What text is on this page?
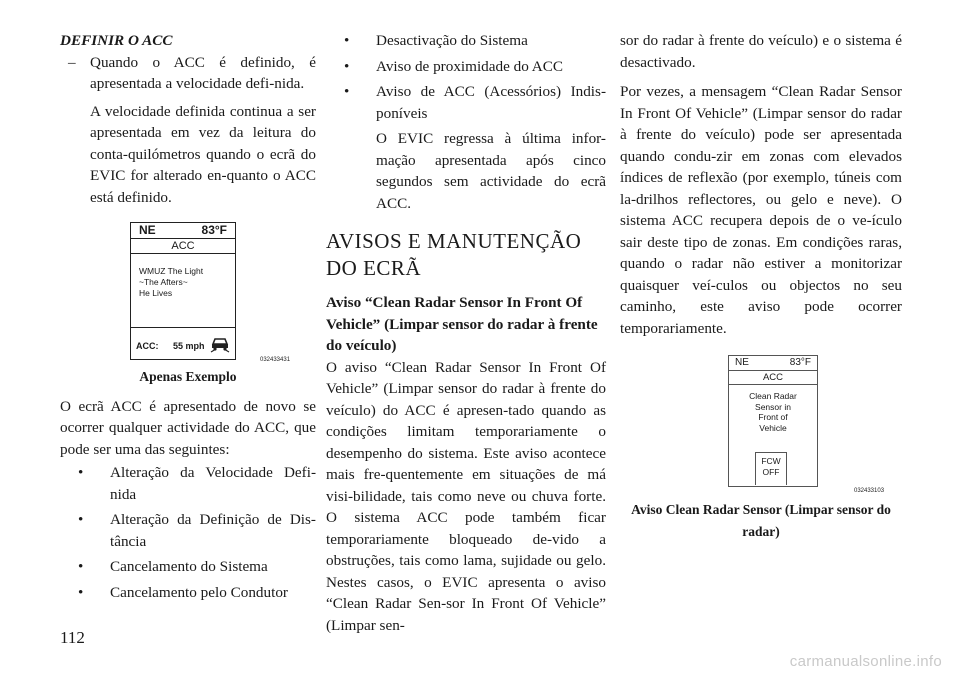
DEFINIR O ACC
– Quando o ACC é definido, é apresentada a velocidade defi-nida.
A velocidade definida continua a ser apresentada em vez da leitura do conta-quilómetros quando o ecrã do EVIC for alterado en-quanto o ACC está definido.
NE	83°F
ACC
WMUZ The Light
~The Afters~
He Lives
ACC: 55 mph
032433431
Apenas Exemplo
O ecrã ACC é apresentado de novo se ocorrer qualquer actividade do ACC, que pode ser uma das seguintes:
•	Alteração da Velocidade Defi-nida
•	Alteração da Definição de Dis-tância
•	Cancelamento do Sistema
•	Cancelamento pelo Condutor
•	Desactivação do Sistema
•	Aviso de proximidade do ACC
•	Aviso de ACC (Acessórios) Indis-poníveis
O EVIC regressa à última infor-mação apresentada após cinco segundos sem actividade do ecrã ACC.
AVISOS E MANUTENÇÃO DO ECRÃ
Aviso “Clean Radar Sensor In Front Of Vehicle” (Limpar sensor do radar à frente do veículo)
O aviso “Clean Radar Sensor In Front Of Vehicle” (Limpar sensor do radar à frente do veículo) do ACC é apresen-tado quando as condições limitam temporariamente o desempenho do sistema. Este aviso acontece mais fre-quentemente em situações de má visi-bilidade, tais como neve ou chuva forte. O sistema ACC pode também ficar temporariamente bloqueado de-vido a obstruções, tais como lama, sujidade ou gelo. Nestes casos, o EVIC apresenta o aviso “Clean Radar Sen-sor In Front Of Vehicle” (Limpar sen-
sor do radar à frente do veículo) e o sistema é desactivado.
Por vezes, a mensagem “Clean Radar Sensor In Front Of Vehicle” (Limpar sensor do radar à frente do veículo) pode ser apresentada quando condu-zir em zonas com elevados índices de reflexão (por exemplo, túneis com la-drilhos reflectores, ou gelo e neve). O sistema ACC recupera depois de o ve-ículo sair deste tipo de zonas. Em condições raras, quando o radar não estiver a monitorizar quaisquer veí-culos ou objectos no seu caminho, este aviso pode ocorrer temporariamente.
NE	83°F
ACC
Clean Radar
Sensor in
Front of
Vehicle
FCW
OFF
032433103
Aviso Clean Radar Sensor (Limpar sensor do radar)
112
carmanualsonline.info
